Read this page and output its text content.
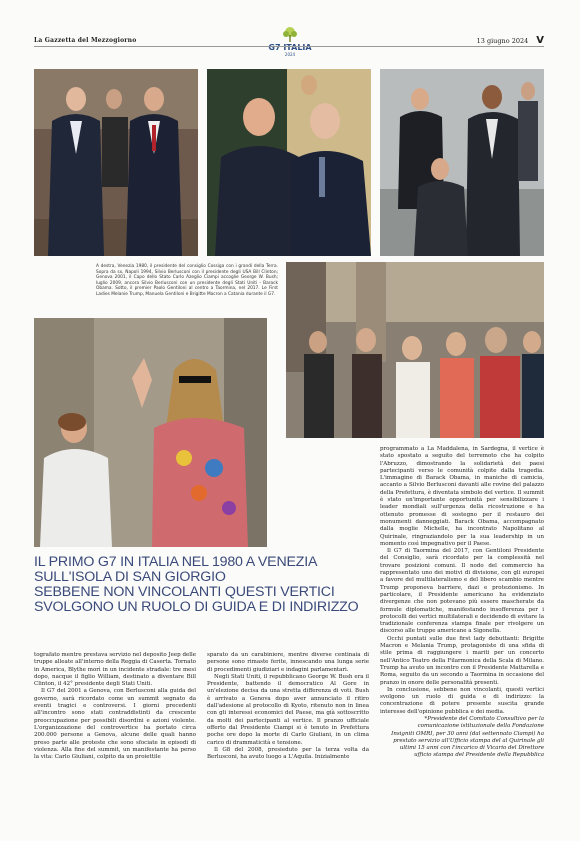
La Gazzetta del Mezzogiorno
G7 ITALIA
2024
13 giugno 2024 V
A destra, Venezia 1980, il presidente del consiglio Cossiga con i grandi della Terra. Sopra da sx, Napoli 1994, Silvio Berlusconi con il presidente degli USA Bill Clinton; Genova 2001, il Capo dello Stato Carlo Azeglio Ciampi accoglie George W. Bush; luglio 2009, ancora Silvio Berlusconi con un presidente degli Stati Uniti - Barack Obama. Sotto, il premier Paolo Gentiloni al centro a Taormina, nel 2017. Le First Ladies Melanie Trump, Manuela Gentiloni e Brigitte Macron a Catania durante il G7.
IL PRIMO G7 IN ITALIA NEL 1980 A VENEZIA
SULL'ISOLA DI SAN GIORGIO
SEBBENE NON VINCOLANTI QUESTI VERTICI
SVOLGONO UN RUOLO DI GUIDA E DI INDIRIZZO

tografato mentre prestava servizio nel deposito Jeep delle truppe alleate all'interno della Reggia di Caserta. Tornato in America, Blythe morì in un incidente stradale: tre mesi dopo, nacque il figlio William, destinato a diventare Bill Clinton, il 42° presidente degli Stati Uniti.

Il G7 del 2001 a Genova, con Berlusconi alla guida del governo, sarà ricordato come un summit segnato da eventi tragici e controversi. I giorni precedenti all'incontro sono stati contraddistinti da crescente preoccupazione per possibili disordini e azioni violente. L'organizzazione del controvertice ha portato circa 200.000 persone a Genova, alcune delle quali hanno preso parte alle proteste che sono sfociate in episodi di violenza. Alla fine del summit, un manifestante ha perso la vita: Carlo Giuliani, colpito da un proiettile

sparato da un carabiniere, mentre diverse centinaia di persone sono rimaste ferite, innescando una lunga serie di procedimenti giudiziari e indagini parlamentari.

Negli Stati Uniti, il repubblicano George W. Bush era il Presidente, battendo il democratico Al Gore in un'elezione decisa da una stretta differenza di voti. Bush è arrivato a Genova dopo aver annunciato il ritiro dall'adesione al protocollo di Kyoto, ritenuto non in linea con gli interessi economici del Paese, ma già sottoscritto da molti dei partecipanti al vertice. Il pranzo ufficiale offerto dal Presidente Ciampi si è tenuto in Prefettura poche ore dopo la morte di Carlo Giuliani, in un clima carico di drammaticità e tensione.

Il G8 del 2008, presieduto per la terza volta da Berlusconi, ha avuto luogo a L'Aquila. Inizialmente

programmato a La Maddalena, in Sardegna, il vertice è stato spostato a seguito del terremoto che ha colpito l'Abruzzo, dimostrando la solidarietà dei paesi partecipanti verso le comunità colpite dalla tragedia. L'immagine di Barack Obama, in maniche di camicia, accanto a Silvio Berlusconi davanti alle rovine del palazzo della Prefettura, è diventata simbolo del vertice. Il summit è stato un'importante opportunità per sensibilizzare i leader mondiali sull'urgenza della ricostruzione e ha ottenuto promesse di sostegno per il restauro dei monumenti danneggiati. Barack Obama, accompagnato dalla moglie Michelle, ha incontrato Napolitano al Quirinale, ringraziandolo per la sua leadership in un momento così impegnativo per il Paese.

Il G7 di Taormina del 2017, con Gentiloni Presidente del Consiglio, sarà ricordato per la complessità nel trovare posizioni comuni. Il nodo del commercio ha rappresentato uno dei motivi di divisione, con gli europei a favore del multilateralismo e del libero scambio mentre Trump proponeva barriere, dazi e protezionismo. In particolare, il Presidente americano ha evidenziato divergenze che non potevano più essere mascherate da formule diplomatiche, manifestando insofferenza per i protocolli dei vertici multilaterali e decidendo di evitare la tradizionale conferenza stampa finale per rivolgere un discorso alle truppe americane a Sigonella.

Occhi puntati sulle due first lady debuttanti: Brigitte Macron e Melania Trump, protagoniste di una sfida di stile prima di raggiungere i mariti per un concerto nell'Antico Teatro della Filarmonica della Scala di Milano. Trump ha avuto un incontro con il Presidente Mattarella e Roma, seguito da un secondo a Taormina in occasione del pranzo in onore delle personalità presenti.

In conclusione, sebbene non vincolanti, questi vertici svolgono un ruolo di guida e di indirizzo: la concentrazione di potere presente suscita grande interesse dell'opinione pubblica e dei media.

*Presidente del Comitato Consultivo per la
comunicazione istituzionale della Fondazione
Insigniti OMRI, per 30 anni (dal settennato Ciampi) ha
prestato servizio all'Ufficio stampa del al Quirinale gli
ultimi 15 anni con l'incarico di Vicario del Direttore
ufficio stampa del Presidente della Repubblica
